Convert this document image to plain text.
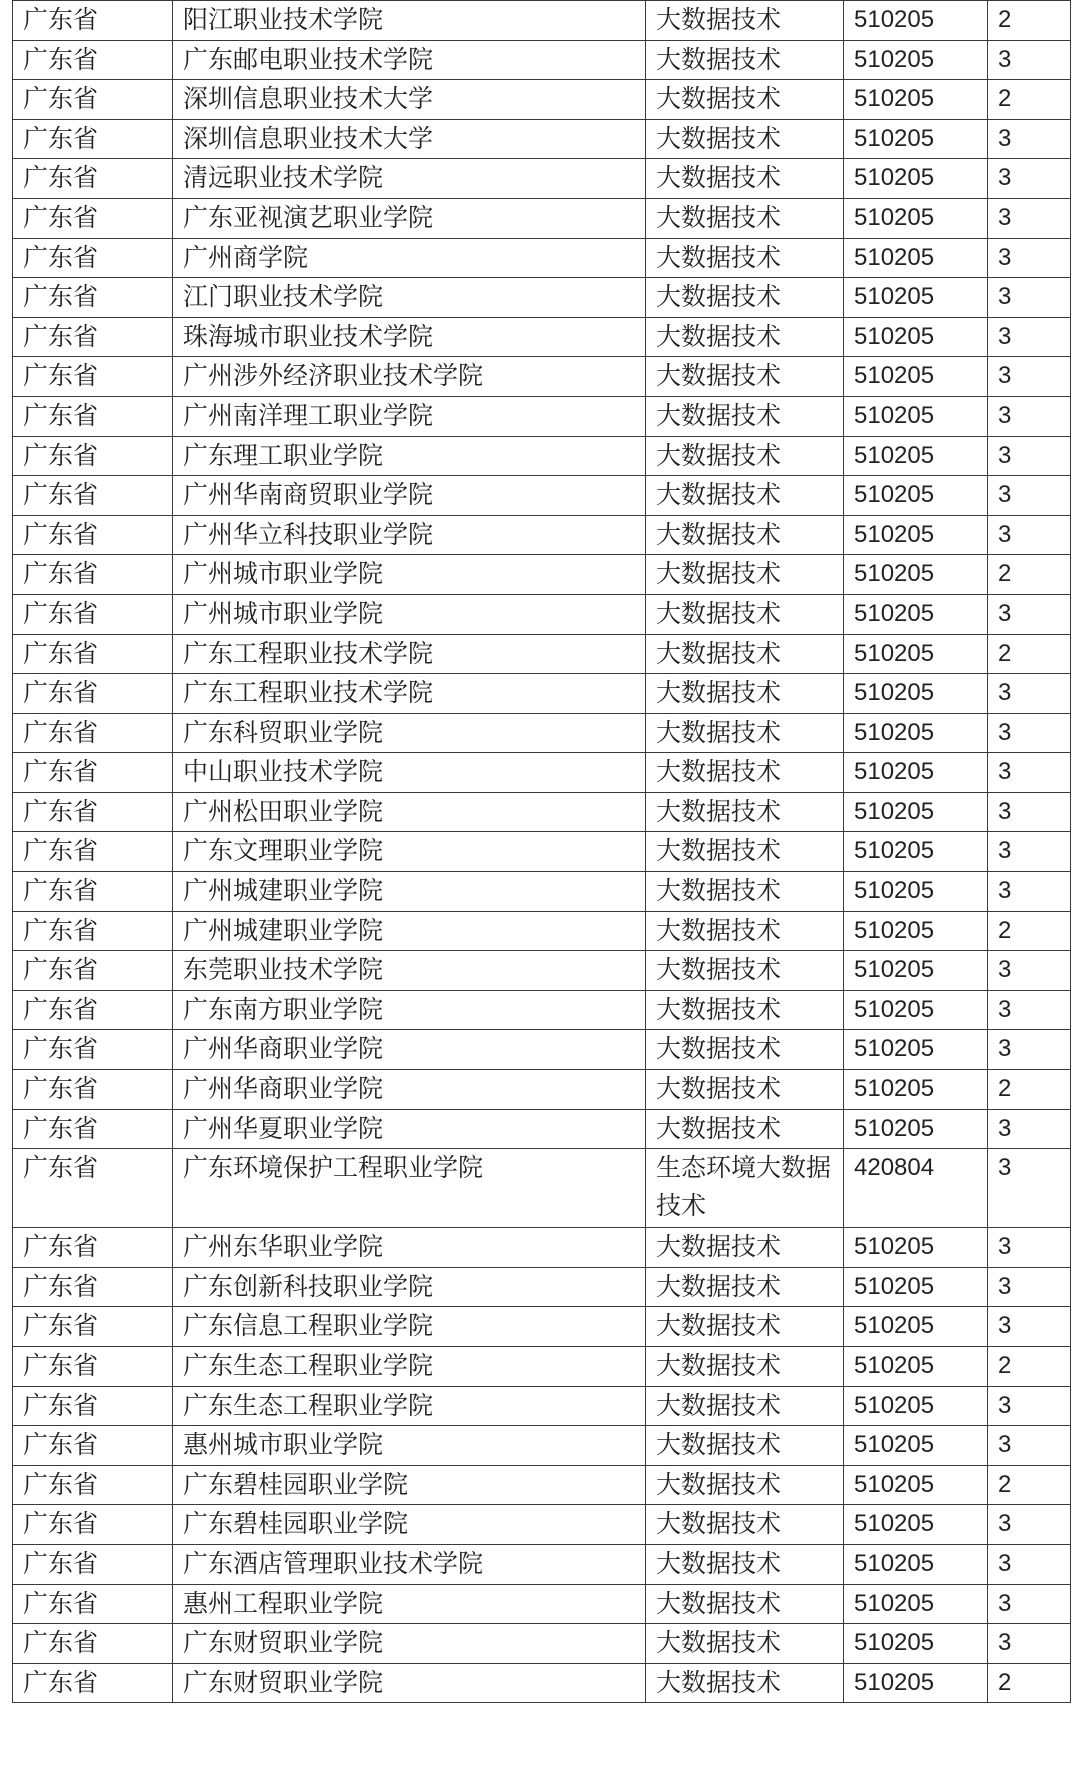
广东省	阳江职业技术学院	大数据技术	510205	2
广东省	广东邮电职业技术学院	大数据技术	510205	3
广东省	深圳信息职业技术大学	大数据技术	510205	2
广东省	深圳信息职业技术大学	大数据技术	510205	3
广东省	清远职业技术学院	大数据技术	510205	3
广东省	广东亚视演艺职业学院	大数据技术	510205	3
广东省	广州商学院	大数据技术	510205	3
广东省	江门职业技术学院	大数据技术	510205	3
广东省	珠海城市职业技术学院	大数据技术	510205	3
广东省	广州涉外经济职业技术学院	大数据技术	510205	3
广东省	广州南洋理工职业学院	大数据技术	510205	3
广东省	广东理工职业学院	大数据技术	510205	3
广东省	广州华南商贸职业学院	大数据技术	510205	3
广东省	广州华立科技职业学院	大数据技术	510205	3
广东省	广州城市职业学院	大数据技术	510205	2
广东省	广州城市职业学院	大数据技术	510205	3
广东省	广东工程职业技术学院	大数据技术	510205	2
广东省	广东工程职业技术学院	大数据技术	510205	3
广东省	广东科贸职业学院	大数据技术	510205	3
广东省	中山职业技术学院	大数据技术	510205	3
广东省	广州松田职业学院	大数据技术	510205	3
广东省	广东文理职业学院	大数据技术	510205	3
广东省	广州城建职业学院	大数据技术	510205	3
广东省	广州城建职业学院	大数据技术	510205	2
广东省	东莞职业技术学院	大数据技术	510205	3
广东省	广东南方职业学院	大数据技术	510205	3
广东省	广州华商职业学院	大数据技术	510205	3
广东省	广州华商职业学院	大数据技术	510205	2
广东省	广州华夏职业学院	大数据技术	510205	3
广东省	广东环境保护工程职业学院	生态环境大数据技术	420804	3
广东省	广州东华职业学院	大数据技术	510205	3
广东省	广东创新科技职业学院	大数据技术	510205	3
广东省	广东信息工程职业学院	大数据技术	510205	3
广东省	广东生态工程职业学院	大数据技术	510205	2
广东省	广东生态工程职业学院	大数据技术	510205	3
广东省	惠州城市职业学院	大数据技术	510205	3
广东省	广东碧桂园职业学院	大数据技术	510205	2
广东省	广东碧桂园职业学院	大数据技术	510205	3
广东省	广东酒店管理职业技术学院	大数据技术	510205	3
广东省	惠州工程职业学院	大数据技术	510205	3
广东省	广东财贸职业学院	大数据技术	510205	3
广东省	广东财贸职业学院	大数据技术	510205	2
